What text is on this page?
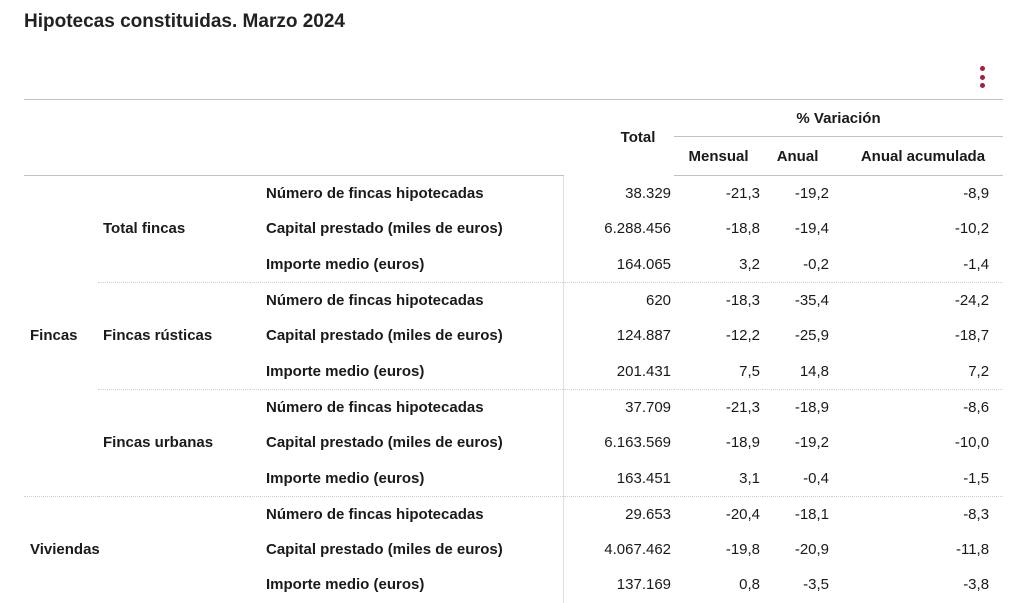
Hipotecas constituidas. Marzo 2024
			Total	% Variación		
				Mensual	Anual	Anual acumulada
Fincas	Total fincas	Número de fincas hipotecadas	38.329	-21,3	-19,2	-8,9
		Capital prestado (miles de euros)	6.288.456	-18,8	-19,4	-10,2
		Importe medio (euros)	164.065	3,2	-0,2	-1,4
	Fincas rústicas	Número de fincas hipotecadas	620	-18,3	-35,4	-24,2
		Capital prestado (miles de euros)	124.887	-12,2	-25,9	-18,7
		Importe medio (euros)	201.431	7,5	14,8	7,2
	Fincas urbanas	Número de fincas hipotecadas	37.709	-21,3	-18,9	-8,6
		Capital prestado (miles de euros)	6.163.569	-18,9	-19,2	-10,0
		Importe medio (euros)	163.451	3,1	-0,4	-1,5
Viviendas		Número de fincas hipotecadas	29.653	-20,4	-18,1	-8,3
		Capital prestado (miles de euros)	4.067.462	-19,8	-20,9	-11,8
		Importe medio (euros)	137.169	0,8	-3,5	-3,8
